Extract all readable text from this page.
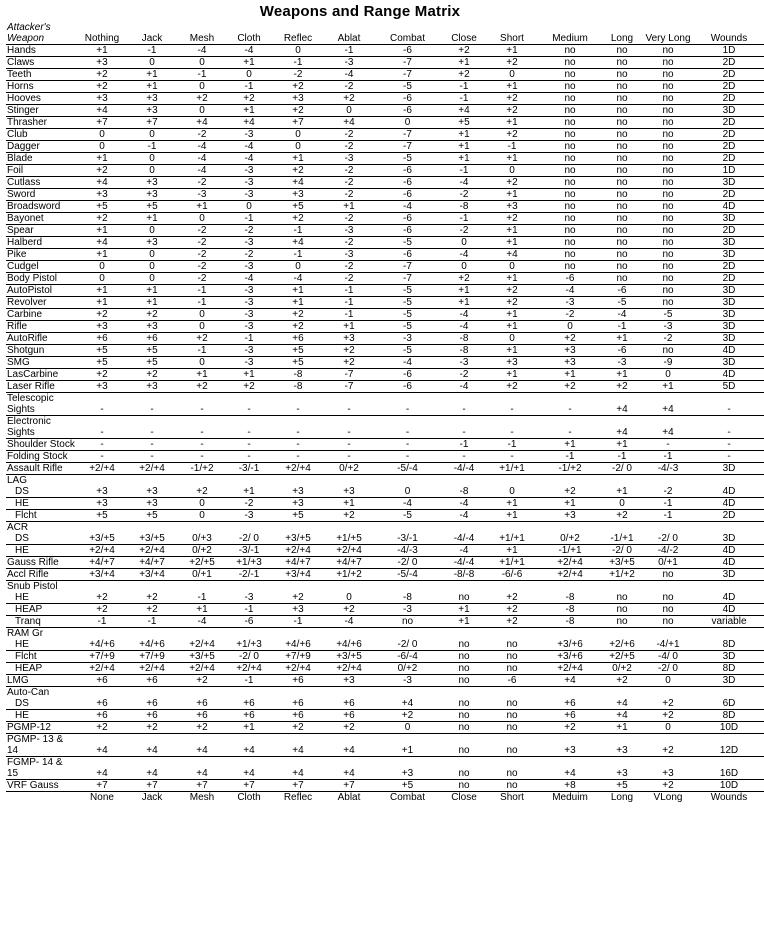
Weapons and Range Matrix
Attacker's
Weapon	Nothing	Jack	Mesh	Cloth	Reflec	Ablat	Combat	Close	Short	Medium	Long	Very Long	Wounds
Hands	+1	-1	-4	-4	0	-1	-6	+2	+1	no	no	no	1D
Claws	+3	0	0	+1	-1	-3	-7	+1	+2	no	no	no	2D
Teeth	+2	+1	-1	0	-2	-4	-7	+2	0	no	no	no	2D
Horns	+2	+1	0	-1	+2	-2	-5	-1	+1	no	no	no	2D
Hooves	+3	+3	+2	+2	+3	+2	-6	-1	+2	no	no	no	2D
Stinger	+4	+3	0	+1	+2	0	-6	+4	+2	no	no	no	3D
Thrasher	+7	+7	+4	+4	+7	+4	0	+5	+1	no	no	no	2D
Club	0	0	-2	-3	0	-2	-7	+1	+2	no	no	no	2D
Dagger	0	-1	-4	-4	0	-2	-7	+1	-1	no	no	no	2D
Blade	+1	0	-4	-4	+1	-3	-5	+1	+1	no	no	no	2D
Foil	+2	0	-4	-3	+2	-2	-6	-1	0	no	no	no	1D
Cutlass	+4	+3	-2	-3	+4	-2	-6	-4	+2	no	no	no	3D
Sword	+3	+3	-3	-3	+3	-2	-6	-2	+1	no	no	no	2D
Broadsword	+5	+5	+1	0	+5	+1	-4	-8	+3	no	no	no	4D
Bayonet	+2	+1	0	-1	+2	-2	-6	-1	+2	no	no	no	3D
Spear	+1	0	-2	-2	-1	-3	-6	-2	+1	no	no	no	2D
Halberd	+4	+3	-2	-3	+4	-2	-5	0	+1	no	no	no	3D
Pike	+1	0	-2	-2	-1	-3	-6	-4	+4	no	no	no	3D
Cudgel	0	0	-2	-3	0	-2	-7	0	0	no	no	no	2D
Body Pistol	0	0	-2	-4	-4	-2	-7	+2	+1	-6	no	no	2D
AutoPistol	+1	+1	-1	-3	+1	-1	-5	+1	+2	-4	-6	no	3D
Revolver	+1	+1	-1	-3	+1	-1	-5	+1	+2	-3	-5	no	3D
Carbine	+2	+2	0	-3	+2	-1	-5	-4	+1	-2	-4	-5	3D
Rifle	+3	+3	0	-3	+2	+1	-5	-4	+1	0	-1	-3	3D
AutoRifle	+6	+6	+2	-1	+6	+3	-3	-8	0	+2	+1	-2	3D
Shotgun	+5	+5	-1	-3	+5	+2	-5	-8	+1	+3	-6	no	4D
SMG	+5	+5	0	-3	+5	+2	-4	-3	+3	+3	-3	-9	3D
LasCarbine	+2	+2	+1	+1	-8	-7	-6	-2	+1	+1	+1	0	4D
Laser Rifle	+3	+3	+2	+2	-8	-7	-6	-4	+2	+2	+2	+1	5D
Telescopic Sights	-	-	-	-	-	-	-	-	-	-	+4	+4	-
Electronic Sights	-	-	-	-	-	-	-	-	-	-	+4	+4	-
Shoulder Stock	-	-	-	-	-	-	-	-1	-1	+1	+1	-	-
Folding Stock	-	-	-	-	-	-	-	-	-	-1	-1	-1	-
Assault Rifle	+2/+4	+2/+4	-1/+2	-3/-1	+2/+4	0/+2	-5/-4	-4/-4	+1/+1	-1/+2	-2/ 0	-4/-3	3D
LAG													
DS	+3	+3	+2	+1	+3	+3	0	-8	0	+2	+1	-2	4D
HE	+3	+3	0	-2	+3	+1	-4	-4	+1	+1	0	-1	4D
Flcht	+5	+5	0	-3	+5	+2	-5	-4	+1	+3	+2	-1	2D
ACR													
DS	+3/+5	+3/+5	0/+3	-2/ 0	+3/+5	+1/+5	-3/-1	-4/-4	+1/+1	0/+2	-1/+1	-2/ 0	3D
HE	+2/+4	+2/+4	0/+2	-3/-1	+2/+4	+2/+4	-4/-3	-4	+1	-1/+1	-2/ 0	-4/-2	4D
Gauss Rifle	+4/+7	+4/+7	+2/+5	+1/+3	+4/+7	+4/+7	-2/ 0	-4/-4	+1/+1	+2/+4	+3/+5	0/+1	4D
Accl Rifle	+3/+4	+3/+4	0/+1	-2/-1	+3/+4	+1/+2	-5/-4	-8/-8	-6/-6	+2/+4	+1/+2	no	3D
Snub Pistol													
HE	+2	+2	-1	-3	+2	0	-8	no	+2	-8	no	no	4D
HEAP	+2	+2	+1	-1	+3	+2	-3	+1	+2	-8	no	no	4D
Tranq	-1	-1	-4	-6	-1	-4	no	+1	+2	-8	no	no	variable
RAM Gr													
HE	+4/+6	+4/+6	+2/+4	+1/+3	+4/+6	+4/+6	-2/ 0	no	no	+3/+6	+2/+6	-4/+1	8D
Flcht	+7/+9	+7/+9	+3/+5	-2/ 0	+7/+9	+3/+5	-6/-4	no	no	+3/+6	+2/+5	-4/ 0	3D
HEAP	+2/+4	+2/+4	+2/+4	+2/+4	+2/+4	+2/+4	0/+2	no	no	+2/+4	0/+2	-2/ 0	8D
LMG	+6	+6	+2	-1	+6	+3	-3	no	-6	+4	+2	0	3D
Auto-Can													
DS	+6	+6	+6	+6	+6	+6	+4	no	no	+6	+4	+2	6D
HE	+6	+6	+6	+6	+6	+6	+2	no	no	+6	+4	+2	8D
PGMP-12	+2	+2	+2	+1	+2	+2	0	no	no	+2	+1	0	10D
PGMP- 13 & 14	+4	+4	+4	+4	+4	+4	+1	no	no	+3	+3	+2	12D
FGMP- 14 & 15	+4	+4	+4	+4	+4	+4	+3	no	no	+4	+3	+3	16D
VRF Gauss	+7	+7	+7	+7	+7	+7	+5	no	no	+8	+5	+2	10D
	None	Jack	Mesh	Cloth	Reflec	Ablat	Combat	Close	Short	Meduim	Long	VLong	Wounds
